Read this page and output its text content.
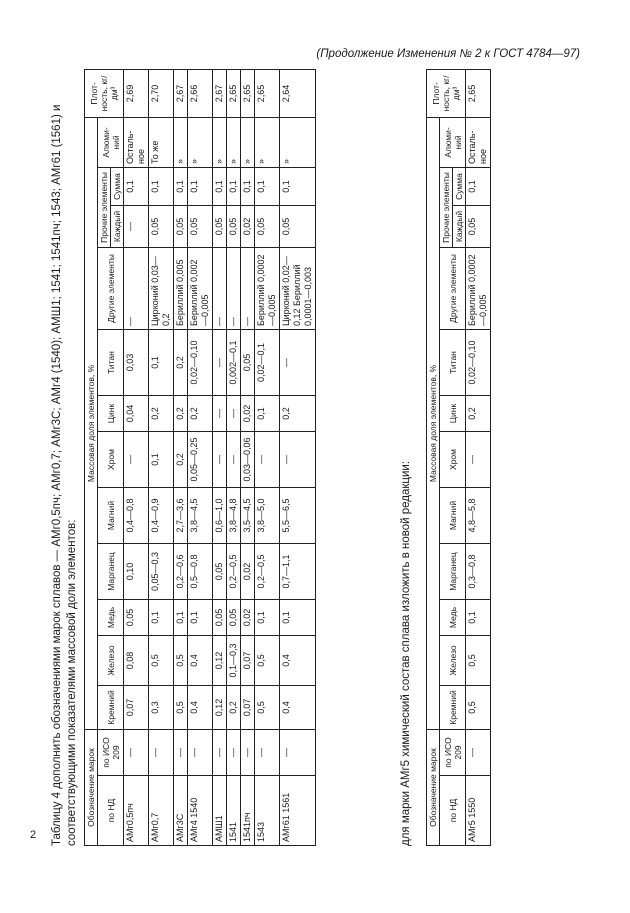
2
(Продолжение Изменения № 2 к ГОСТ 4784—97)
Таблицу 4 дополнить обозначениями марок сплавов — АМг0,5пч; АМг0,7; АМг3С; АМг4 (1540); АМШ1; 1541; 1541пч; 1543; АМг61 (1561) и соответствующими показателями массовой доли элементов: Обозначение марок		Массовая доля элементов, %												Плот-ность, кг/дм³
по НД	по ИСО 209	Кремний	Железо	Медь	Марганец	Магний	Хром	Цинк	Титан	Другие элементы	Прочие элементы		Алюми-ний	
											Каждый	Сумма		
АМг0,5пч	—	0,07	0,08	0,05	0,10	0,4—0,8	—	0,04	0,03	—	—	0,1	Осталь-ное	2,69
АМг0,7	—	0,3	0,5	0,1	0,05—0,3	0,4—0,9	0,1	0,2	0,1	Цирконий 0,03—0,2	0,05	0,1	То же	2,70
АМг3С	—	0,5	0,5	0,1	0,2—0,6	2,7—3,6	0,2	0,2	0,2	Бериллий 0,005	0,05	0,1	»	2,67
АМг4 1540	—	0,4	0,4	0,1	0,5—0,8	3,8—4,5	0,05—0,25	0,2	0,02—0,10	Бериллий 0,002—0,005	0,05	0,1	»	2,66
АМШ1	—	0,12	0,12	0,05	0,05	0,6—1,0	—	—	—	—	0,05	0,1	»	2,67
1541	—	0,2	0,1—0,3	0,05	0,2—0,5	3,8—4,8	—	—	0,002—0,1	—	0,05	0,1	»	2,65
1541пч	—	0,07	0,07	0,02	0,02	3,5—4,5	0,03—0,06	0,02	0,05	—	0,02	0,1	»	2,65
1543	—	0,5	0,5	0,1	0,2—0,5	3,8—5,0	—	0,1	0,02—0,1	Бериллий 0,0002—0,005	0,05	0,1	»	2,65
АМг61 1561	—	0,4	0,4	0,1	0,7—1,1	5,5—6,5	—	0,2	—	Цирконий 0,02—0,12 Бериллий 0,0001—0,003	0,05	0,1	»	2,64
для марки АМг5 химический состав сплава изложить в новой редакции: Обозначение марок		Массовая доля элементов, %												Плот-ность, кг/дм³
по НД	по ИСО 209	Кремний	Железо	Медь	Марганец	Магний	Хром	Цинк	Титан	Другие элементы	Прочие элементы		Алюми-ний	
											Каждый	Сумма		
АМг5 1550	—	0,5	0,5	0,1	0,3—0,8	4,8—5,8	—	0,2	0,02—0,10	Бериллий 0,0002—0,005	0,05	0,1	Осталь-ное	2,65
